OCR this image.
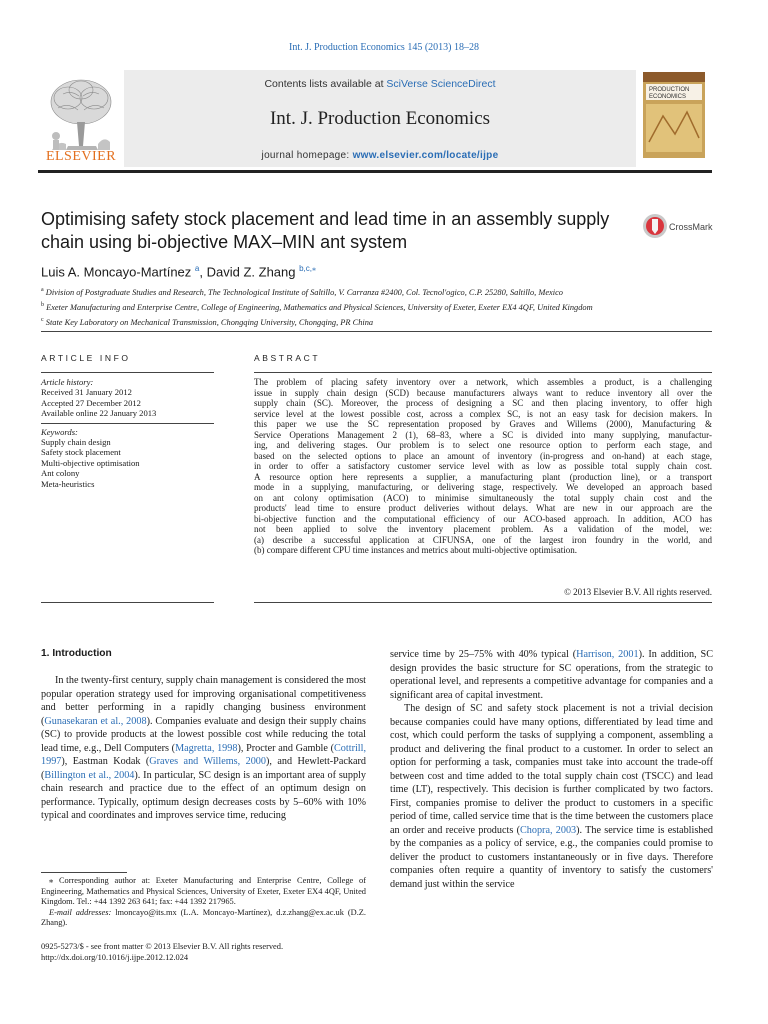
Int. J. Production Economics 145 (2013) 18–28
Contents lists available at SciVerse ScienceDirect
Int. J. Production Economics
journal homepage: www.elsevier.com/locate/ijpe
ELSEVIER
PRODUCTION
ECONOMICS
Optimising safety stock placement and lead time in an assembly supply chain using bi-objective MAX–MIN ant system
CrossMark
Luis A. Moncayo-Martínez $^a$, David Z. Zhang $^{b,c,⁎}$
$^a$ Division of Postgraduate Studies and Research, The Technological Institute of Saltillo, V. Carranza #2400, Col. Tecnol'ogico, C.P. 25280, Saltillo, Mexico
$^b$ Exeter Manufacturing and Enterprise Centre, College of Engineering, Mathematics and Physical Sciences, University of Exeter, Exeter EX4 4QF, United Kingdom
$^c$ State Key Laboratory on Mechanical Transmission, Chongqing University, Chongqing, PR China
ARTICLE INFO	ABSTRACT
Article history:
Received 31 January 2012
Accepted 27 December 2012
Available online 22 January 2013
Keywords:
Supply chain design
Safety stock placement
Multi-objective optimisation
Ant colony
Meta-heuristics
The problem of placing safety inventory over a network, which assembles a product, is a challenging
issue in supply chain design (SCD) because manufacturers always want to reduce inventory all over the
supply chain (SC). Moreover, the process of designing a SC and then placing inventory, to offer high
service level at the lowest possible cost, across a complex SC, is not an easy task for decision makers. In
this paper we use the SC representation proposed by Graves and Willems (2000), Manufacturing &
Service Operations Management 2 (1), 68–83, where a SC is divided into many supplying, manufactur-
ing, and delivering stages. Our problem is to select one resource option to perform each stage, and
based on the selected options to place an amount of inventory (in-progress and on-hand) at each stage,
in order to offer a satisfactory customer service level with as low as possible total supply chain cost.
A resource option here represents a supplier, a manufacturing plant (production line), or a transport
mode in a supplying, manufacturing, or delivering stage, respectively. We developed an approach based
on ant colony optimisation (ACO) to minimise simultaneously the total supply chain cost and the
products' lead time to ensure product deliveries without delays. What are new in our approach are the
bi-objective function and the computational efficiency of our ACO-based approach. In addition, ACO has
not been applied to solve the inventory placement problem. As a validation of the model, we:
(a) describe a successful application at CIFUNSA, one of the largest iron foundry in the world, and
(b) compare different CPU time instances and metrics about multi-objective optimisation.
© 2013 Elsevier B.V. All rights reserved.
1. Introduction

In the twenty-first century, supply chain management is considered the most popular operation strategy used for improving organisational competitiveness and better performing in a rapidly changing business environment (Gunasekaran et al., 2008). Companies evaluate and design their supply chains (SC) to provide products at the lowest possible cost while reducing the total lead time, e.g., Dell Computers (Magretta, 1998), Procter and Gamble (Cottrill, 1997), Eastman Kodak (Graves and Willems, 2000), and Hewlett-Packard (Billington et al., 2004). In particular, SC design is an important area of supply chain research and practice due to the effect of an optimum design on performance. Typically, optimum design decreases costs by 5–60% with 10% typical and coordinates and improves service time, reducing

service time by 25–75% with 40% typical (Harrison, 2001). In addition, SC design provides the basic structure for SC operations, from the strategic to operational level, and represents a competitive advantage for companies and a significant area of capital investment.

The design of SC and safety stock placement is not a trivial decision because companies could have many options, differentiated by lead time and cost, which could perform the tasks of supplying a component, assembling a product and delivering the final product to a customer. In order to select an option for performing a task, companies must take into account the trade-off between cost and time added to the total supply chain cost (TSCC) and lead time (LT), respectively. This decision is further complicated by two factors. First, companies promise to deliver the product to customers in a specific period of time, called service time that is the time between the customers place an order and receive products (Chopra, 2003). The service time is established by the companies as a policy of service, e.g., the companies could promise to deliver the product to customers instantaneously or in five days. Therefore companies often require a quantity of inventory to satisfy the customers' demand just within the service

⁎ Corresponding author at: Exeter Manufacturing and Enterprise Centre, College of Engineering, Mathematics and Physical Sciences, University of Exeter, Exeter EX4 4QF, United Kingdom. Tel.: +44 1392 263 641; fax: +44 1392 217965.
E-mail addresses: lmoncayo@its.mx (L.A. Moncayo-Martínez), d.z.zhang@ex.ac.uk (D.Z. Zhang).
0925-5273/$ - see front matter © 2013 Elsevier B.V. All rights reserved.
http://dx.doi.org/10.1016/j.ijpe.2012.12.024
